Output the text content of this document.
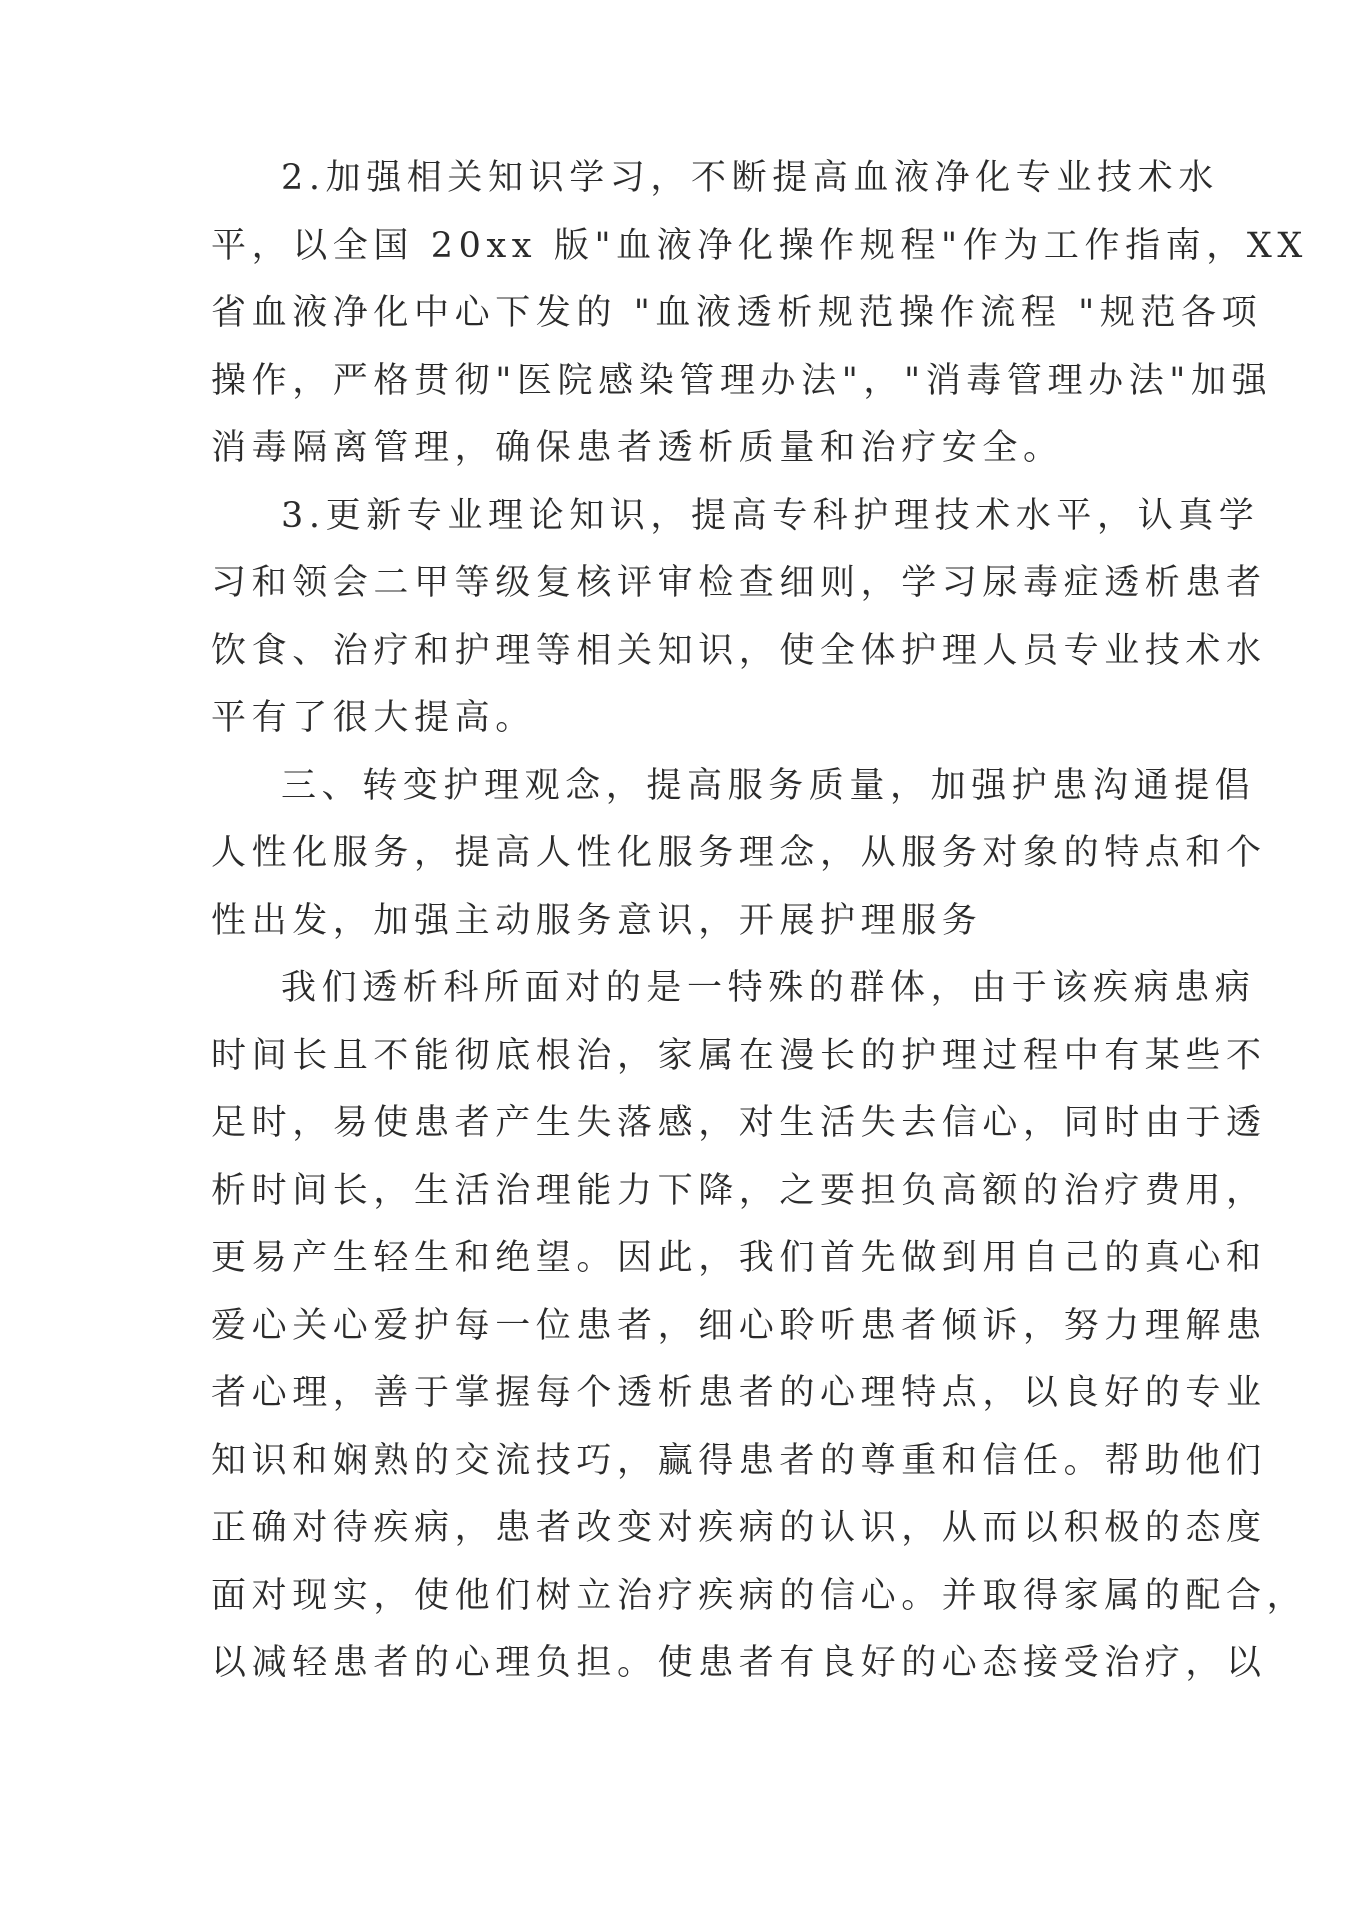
2.加强相关知识学习，不断提高血液净化专业技术水
平，以全国 20xx 版"血液净化操作规程"作为工作指南，XX
省血液净化中心下发的 "血液透析规范操作流程 "规范各项
操作，严格贯彻"医院感染管理办法"，"消毒管理办法"加强
消毒隔离管理，确保患者透析质量和治疗安全。

3.更新专业理论知识，提高专科护理技术水平，认真学
习和领会二甲等级复核评审检查细则，学习尿毒症透析患者
饮食、治疗和护理等相关知识，使全体护理人员专业技术水
平有了很大提高。

三、转变护理观念，提高服务质量，加强护患沟通提倡
人性化服务，提高人性化服务理念，从服务对象的特点和个
性出发，加强主动服务意识，开展护理服务

我们透析科所面对的是一特殊的群体，由于该疾病患病
时间长且不能彻底根治，家属在漫长的护理过程中有某些不
足时，易使患者产生失落感，对生活失去信心，同时由于透
析时间长，生活治理能力下降，之要担负高额的治疗费用，
更易产生轻生和绝望。因此，我们首先做到用自己的真心和
爱心关心爱护每一位患者，细心聆听患者倾诉，努力理解患
者心理，善于掌握每个透析患者的心理特点，以良好的专业
知识和娴熟的交流技巧，赢得患者的尊重和信任。帮助他们
正确对待疾病，患者改变对疾病的认识，从而以积极的态度
面对现实，使他们树立治疗疾病的信心。并取得家属的配合，
以减轻患者的心理负担。使患者有良好的心态接受治疗，以
